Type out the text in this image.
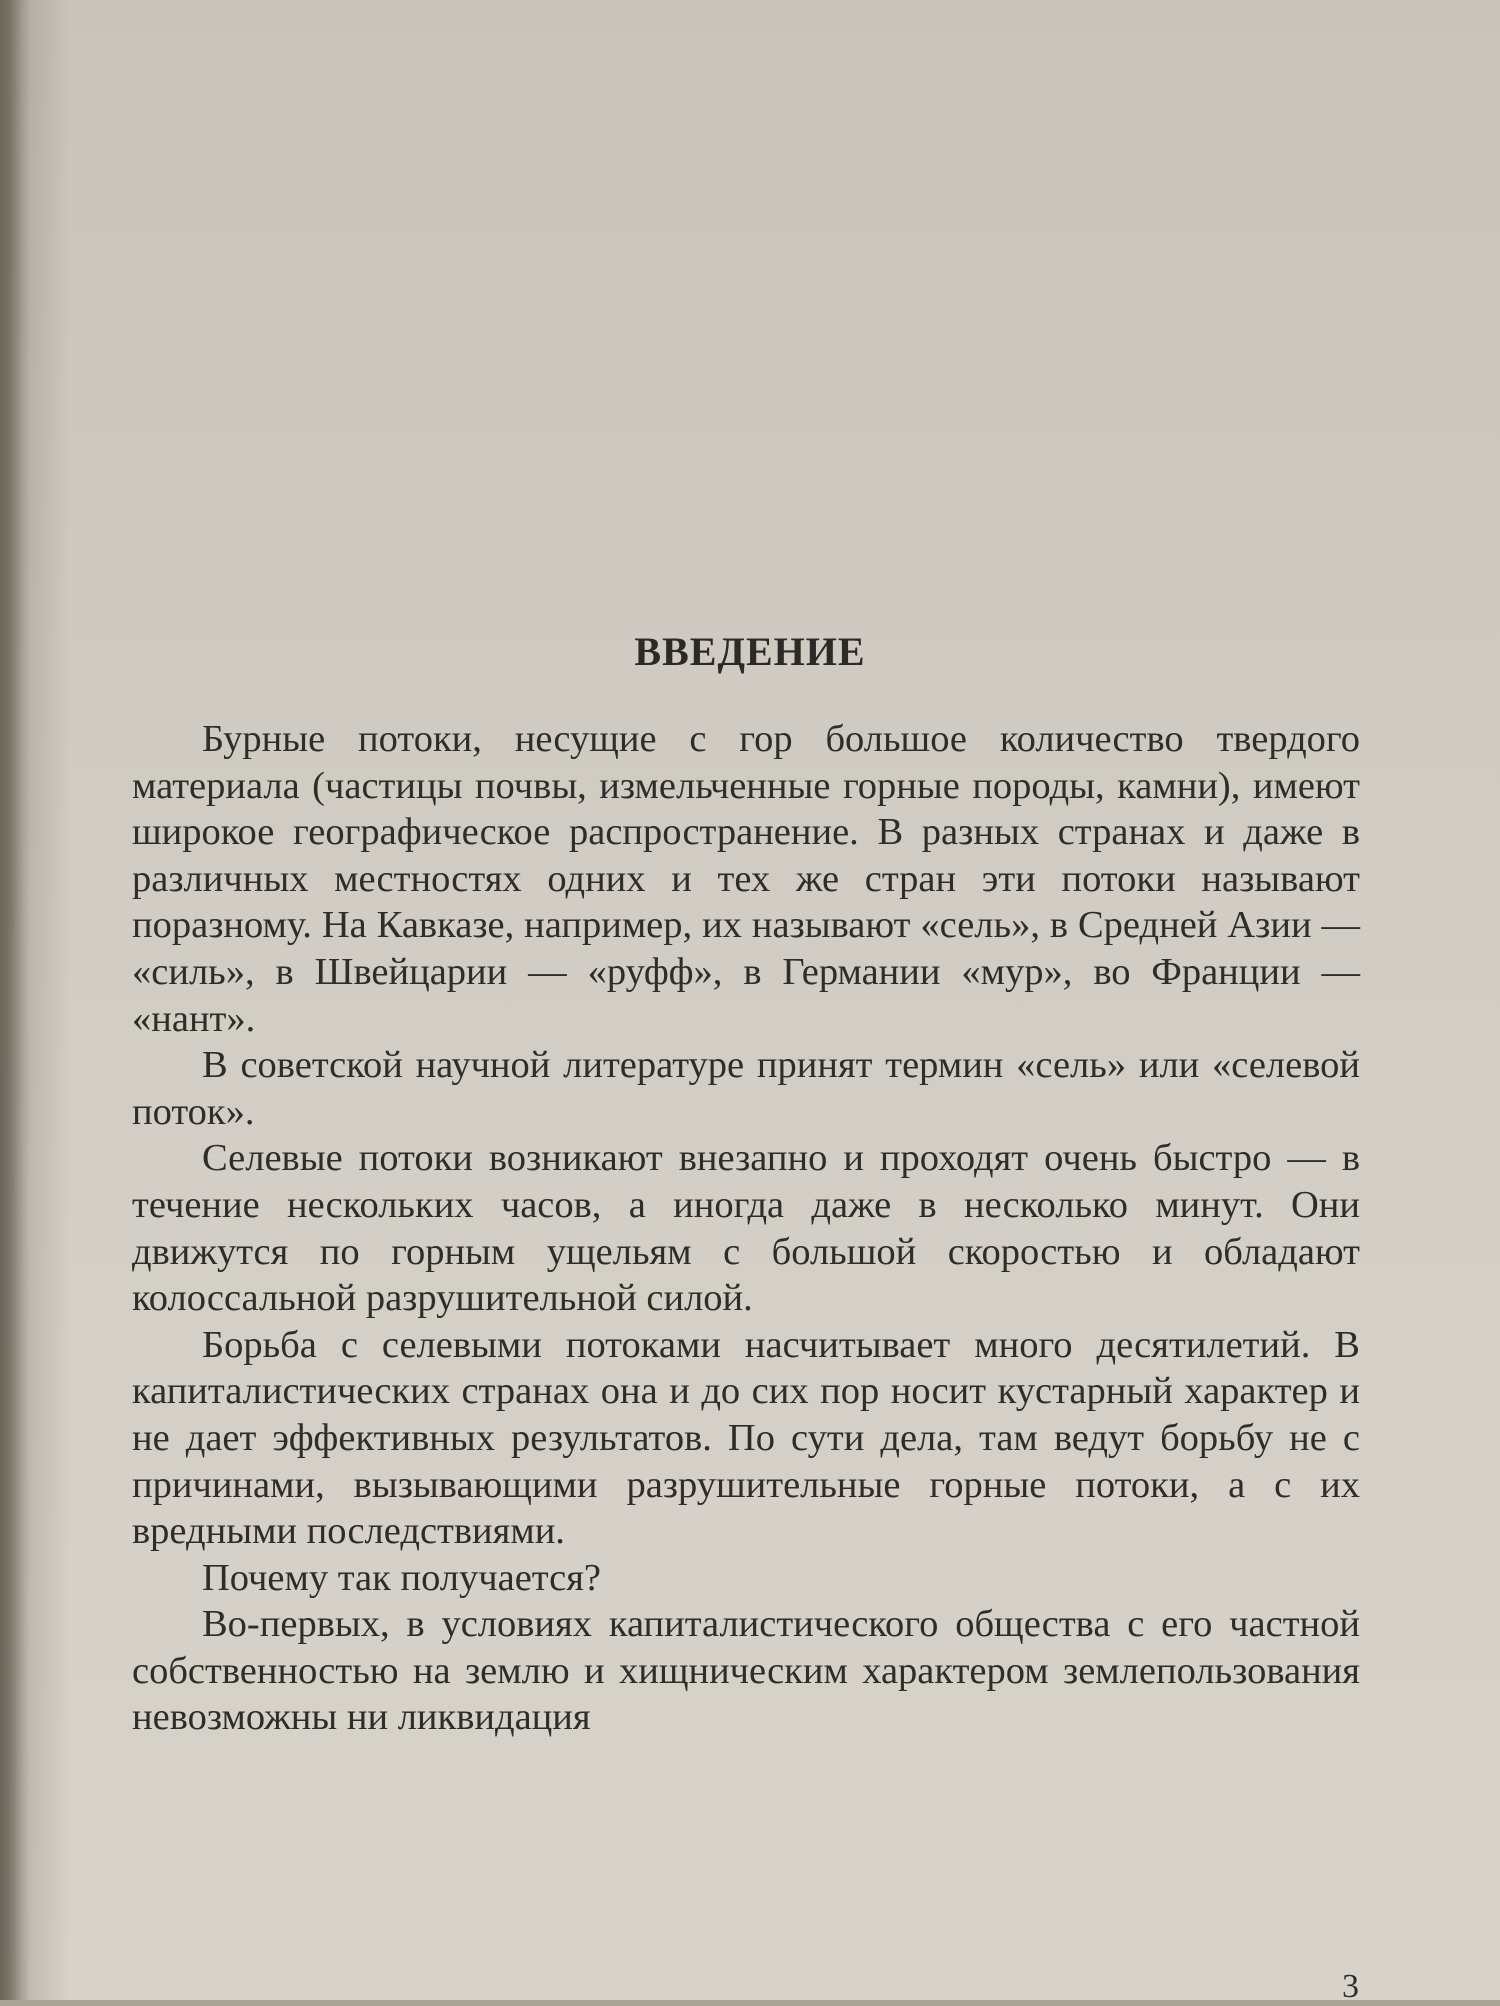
ВВЕДЕНИЕ

Бурные потоки, несущие с гор большое количество твердого материала (частицы почвы, измельченные горные породы, камни), имеют широкое географическое распространение. В разных странах и даже в различных местностях одних и тех же стран эти потоки называют поразному. На Кавказе, например, их называют «сель», в Средней Азии — «силь», в Швейцарии — «руфф», в Германии «мур», во Франции — «нант».

В советской научной литературе принят термин «сель» или «селевой поток».

Селевые потоки возникают внезапно и проходят очень быстро — в течение нескольких часов, а иногда даже в несколько минут. Они движутся по горным ущельям с большой скоростью и обладают колоссальной разрушительной силой.

Борьба с селевыми потоками насчитывает много десятилетий. В капиталистических странах она и до сих пор носит кустарный характер и не дает эффективных результатов. По сути дела, там ведут борьбу не с причинами, вызывающими разрушительные горные потоки, а с их вредными последствиями.

Почему так получается?

Во-первых, в условиях капиталистического общества с его частной собственностью на землю и хищническим характером землепользования невозможны ни ликвидация

3
